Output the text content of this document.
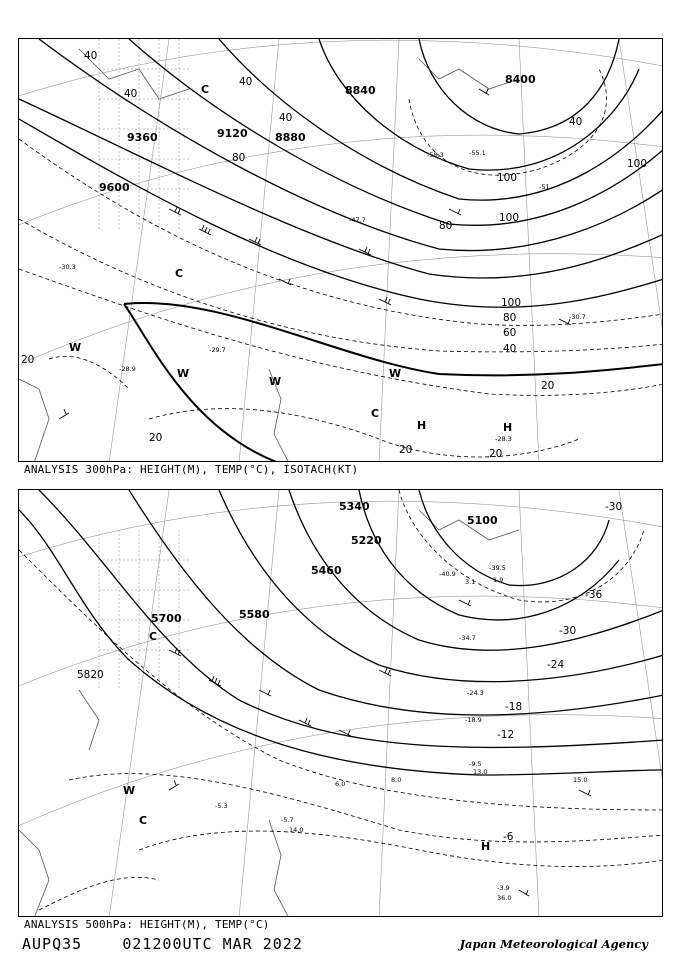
9600
9360	9120 8880
8840
8400
40
40
40
40
80
80
100
100
100
40
100
80
60
40
20
20
20	20
20
-30.3
-29.7
-28.9
-28.3
-47.7
-58.3	-55.1
-51
-30.7
C
C
W
W
W
W
C
H	H
ANALYSIS 300hPa: HEIGHT(M), TEMP(°C), ISOTACH(KT)
5820
5700	5580
5460
5340
5220
5100
-36
-30
-30
-24
-18
-12
-6
-40.9
-39.5
-34.7
-24.3
-18.9
-9.5
-3.9
-5.3
-5.7
13.0
15.0
36.0
8.0
6.0
14.0
3.1	1.9
C
C
W
H
ANALYSIS 500hPa: HEIGHT(M), TEMP(°C)
AUPQ35	021200UTC MAR 2022	Japan Meteorological Agency
